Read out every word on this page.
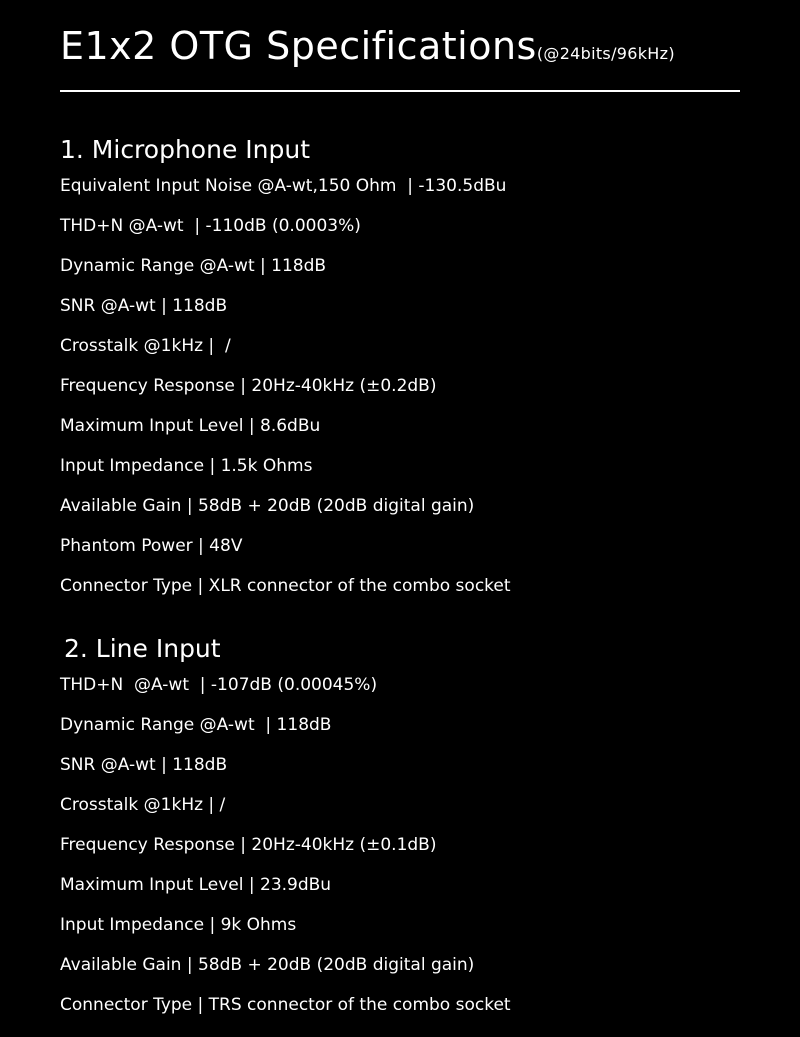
E1x2 OTG Specifications(@24bits/96kHz)
1. Microphone Input
Equivalent Input Noise @A-wt,150 Ohm  | -130.5dBu
THD+N @A-wt  | -110dB (0.0003%)
Dynamic Range @A-wt | 118dB
SNR @A-wt | 118dB
Crosstalk @1kHz |  /
Frequency Response | 20Hz-40kHz (±0.2dB)
Maximum Input Level | 8.6dBu
Input Impedance | 1.5k Ohms
Available Gain | 58dB + 20dB (20dB digital gain)
Phantom Power | 48V
Connector Type | XLR connector of the combo socket
2. Line Input
THD+N  @A-wt  | -107dB (0.00045%)
Dynamic Range @A-wt  | 118dB
SNR @A-wt | 118dB
Crosstalk @1kHz | /
Frequency Response | 20Hz-40kHz (±0.1dB)
Maximum Input Level | 23.9dBu
Input Impedance | 9k Ohms
Available Gain | 58dB + 20dB (20dB digital gain)
Connector Type | TRS connector of the combo socket
